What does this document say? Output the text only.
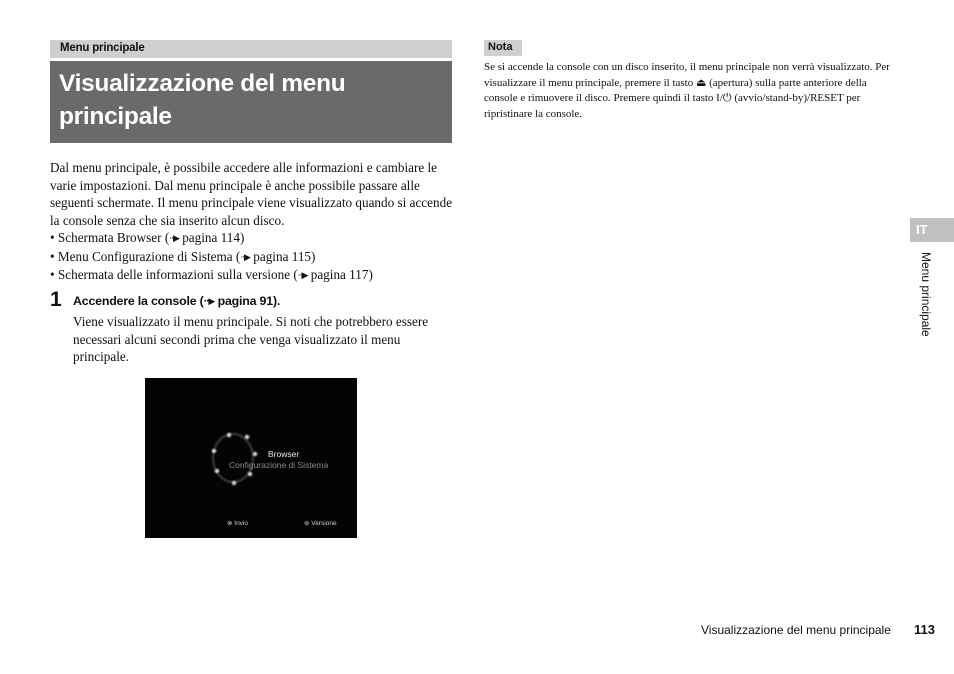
Menu principale
Visualizzazione del menu principale

Dal menu principale, è possibile accedere alle informazioni e cambiare le varie impostazioni. Dal menu principale è anche possibile passare alle seguenti schermate. Il menu principale viene visualizzato quando si accende la console senza che sia inserito alcun disco.

• Schermata Browser (··▶ pagina 114)
• Menu Configurazione di Sistema (··▶ pagina 115)
• Schermata delle informazioni sulla versione (··▶ pagina 117)
1 Accendere la console (··▶ pagina 91).

Viene visualizzato il menu principale. Si noti che potrebbero essere necessari alcuni secondi prima che venga visualizzato il menu principale.

Browser
Configurazione di Sistema
⊗ Invio	⊚ Versione
Nota

Se si accende la console con un disco inserito, il menu principale non verrà visualizzato. Per visualizzare il menu principale, premere il tasto ⏏ (apertura) sulla parte anteriore della console e rimuovere il disco. Premere quindi il tasto I/⏻ (avvio/stand-by)/RESET per ripristinare la console.

IT
Menu principale
Visualizzazione del menu principale 113
